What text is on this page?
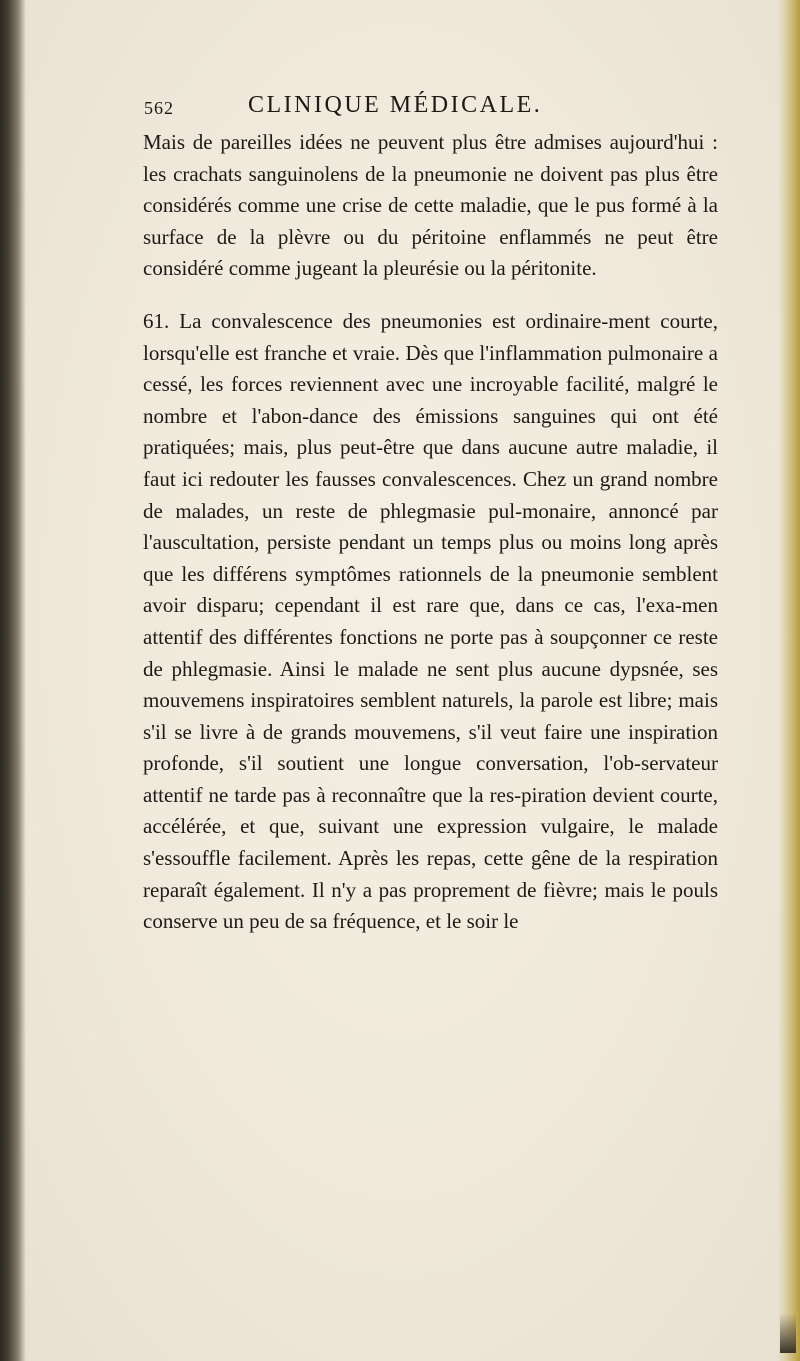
562	CLINIQUE MÉDICALE.

Mais de pareilles idées ne peuvent plus être admises aujourd'hui : les crachats sanguinolens de la pneumonie ne doivent pas plus être considérés comme une crise de cette maladie, que le pus formé à la surface de la plèvre ou du péritoine enflammés ne peut être considéré comme jugeant la pleurésie ou la péritonite.

61. La convalescence des pneumonies est ordinaire-ment courte, lorsqu'elle est franche et vraie. Dès que l'inflammation pulmonaire a cessé, les forces reviennent avec une incroyable facilité, malgré le nombre et l'abon-dance des émissions sanguines qui ont été pratiquées; mais, plus peut-être que dans aucune autre maladie, il faut ici redouter les fausses convalescences. Chez un grand nombre de malades, un reste de phlegmasie pul-monaire, annoncé par l'auscultation, persiste pendant un temps plus ou moins long après que les différens symptômes rationnels de la pneumonie semblent avoir disparu; cependant il est rare que, dans ce cas, l'exa-men attentif des différentes fonctions ne porte pas à soupçonner ce reste de phlegmasie. Ainsi le malade ne sent plus aucune dypsnée, ses mouvemens inspiratoires semblent naturels, la parole est libre; mais s'il se livre à de grands mouvemens, s'il veut faire une inspiration profonde, s'il soutient une longue conversation, l'ob-servateur attentif ne tarde pas à reconnaître que la res-piration devient courte, accélérée, et que, suivant une expression vulgaire, le malade s'essouffle facilement. Après les repas, cette gêne de la respiration reparaît également. Il n'y a pas proprement de fièvre; mais le pouls conserve un peu de sa fréquence, et le soir le
